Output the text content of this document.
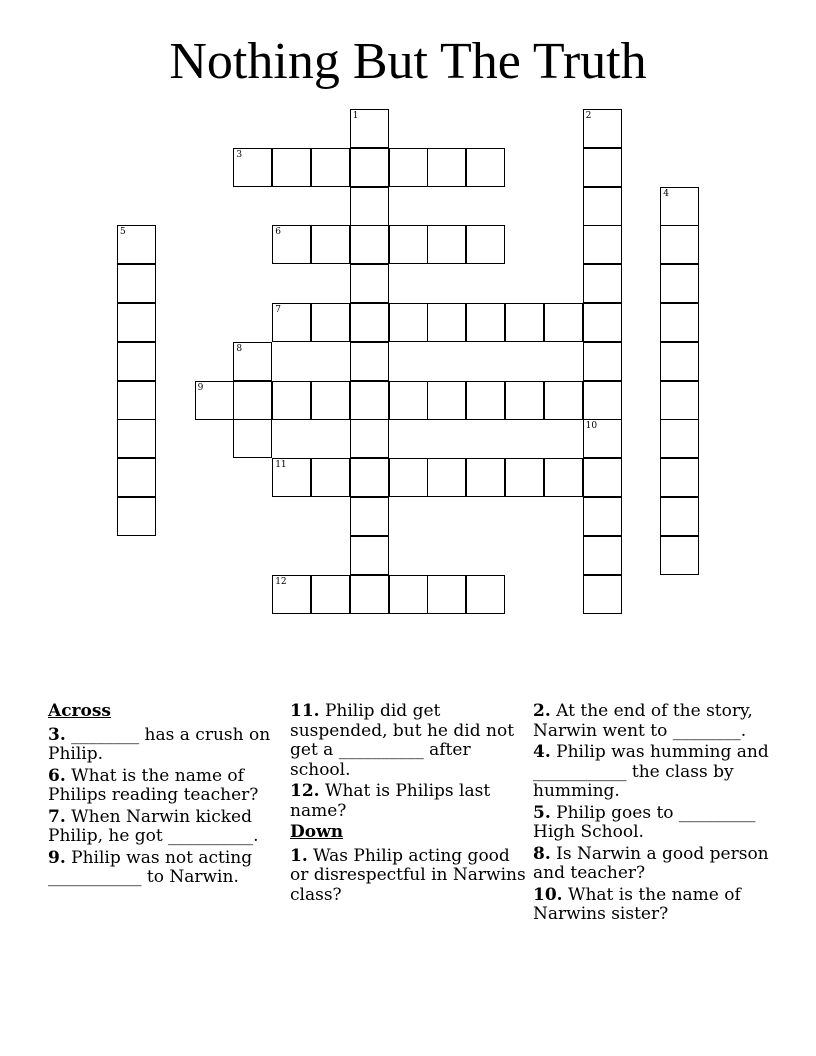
Nothing But The Truth
1	2
3
4
5	6
7
8
9
10
11
12
Across
3. ________ has a crush on Philip.
6. What is the name of Philips reading teacher?
7. When Narwin kicked Philip, he got __________.
9. Philip was not acting ___________ to Narwin.
11. Philip did get suspended, but he did not get a __________ after school.
12. What is Philips last name?
Down
1. Was Philip acting good or disrespectful in Narwins class?
2. At the end of the story, Narwin went to ________.
4. Philip was humming and ___________ the class by humming.
5. Philip goes to _________ High School.
8. Is Narwin a good person and teacher?
10. What is the name of Narwins sister?
